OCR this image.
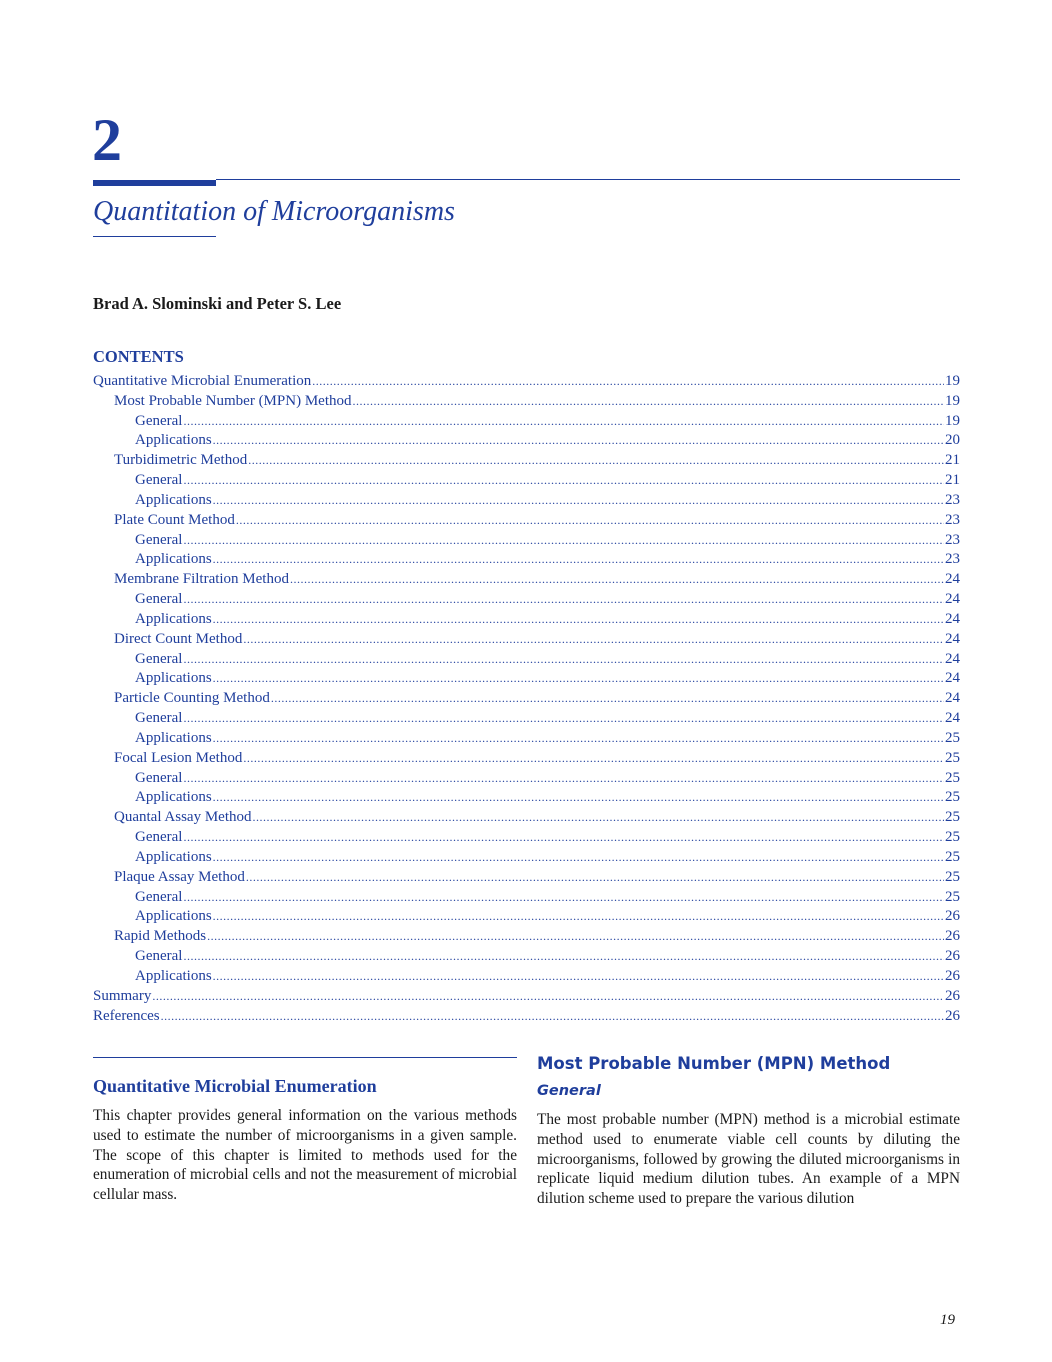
2
Quantitation of Microorganisms
Brad A. Slominski and Peter S. Lee
CONTENTS
Quantitative Microbial Enumeration .....	19
Most Probable Number (MPN) Method .....	19
General .....	19
Applications .....	20
Turbidimetric Method .....	21
General .....	21
Applications .....	23
Plate Count Method .....	23
General .....	23
Applications .....	23
Membrane Filtration Method .....	24
General .....	24
Applications .....	24
Direct Count Method .....	24
General .....	24
Applications .....	24
Particle Counting Method .....	24
General .....	24
Applications .....	25
Focal Lesion Method .....	25
General .....	25
Applications .....	25
Quantal Assay Method .....	25
General .....	25
Applications .....	25
Plaque Assay Method .....	25
General .....	25
Applications .....	26
Rapid Methods .....	26
General .....	26
Applications .....	26
Summary .....	26
References .....	26
Quantitative Microbial Enumeration

This chapter provides general information on the various methods used to estimate the number of microorganisms in a given sample. The scope of this chapter is limited to methods used for the enumeration of microbial cells and not the measurement of microbial cellular mass.

Most Probable Number (MPN) Method
General

The most probable number (MPN) method is a microbial estimate method used to enumerate viable cell counts by diluting the microorganisms, followed by growing the diluted microorganisms in replicate liquid medium dilution tubes. An example of a MPN dilution scheme used to prepare the various dilution

19
